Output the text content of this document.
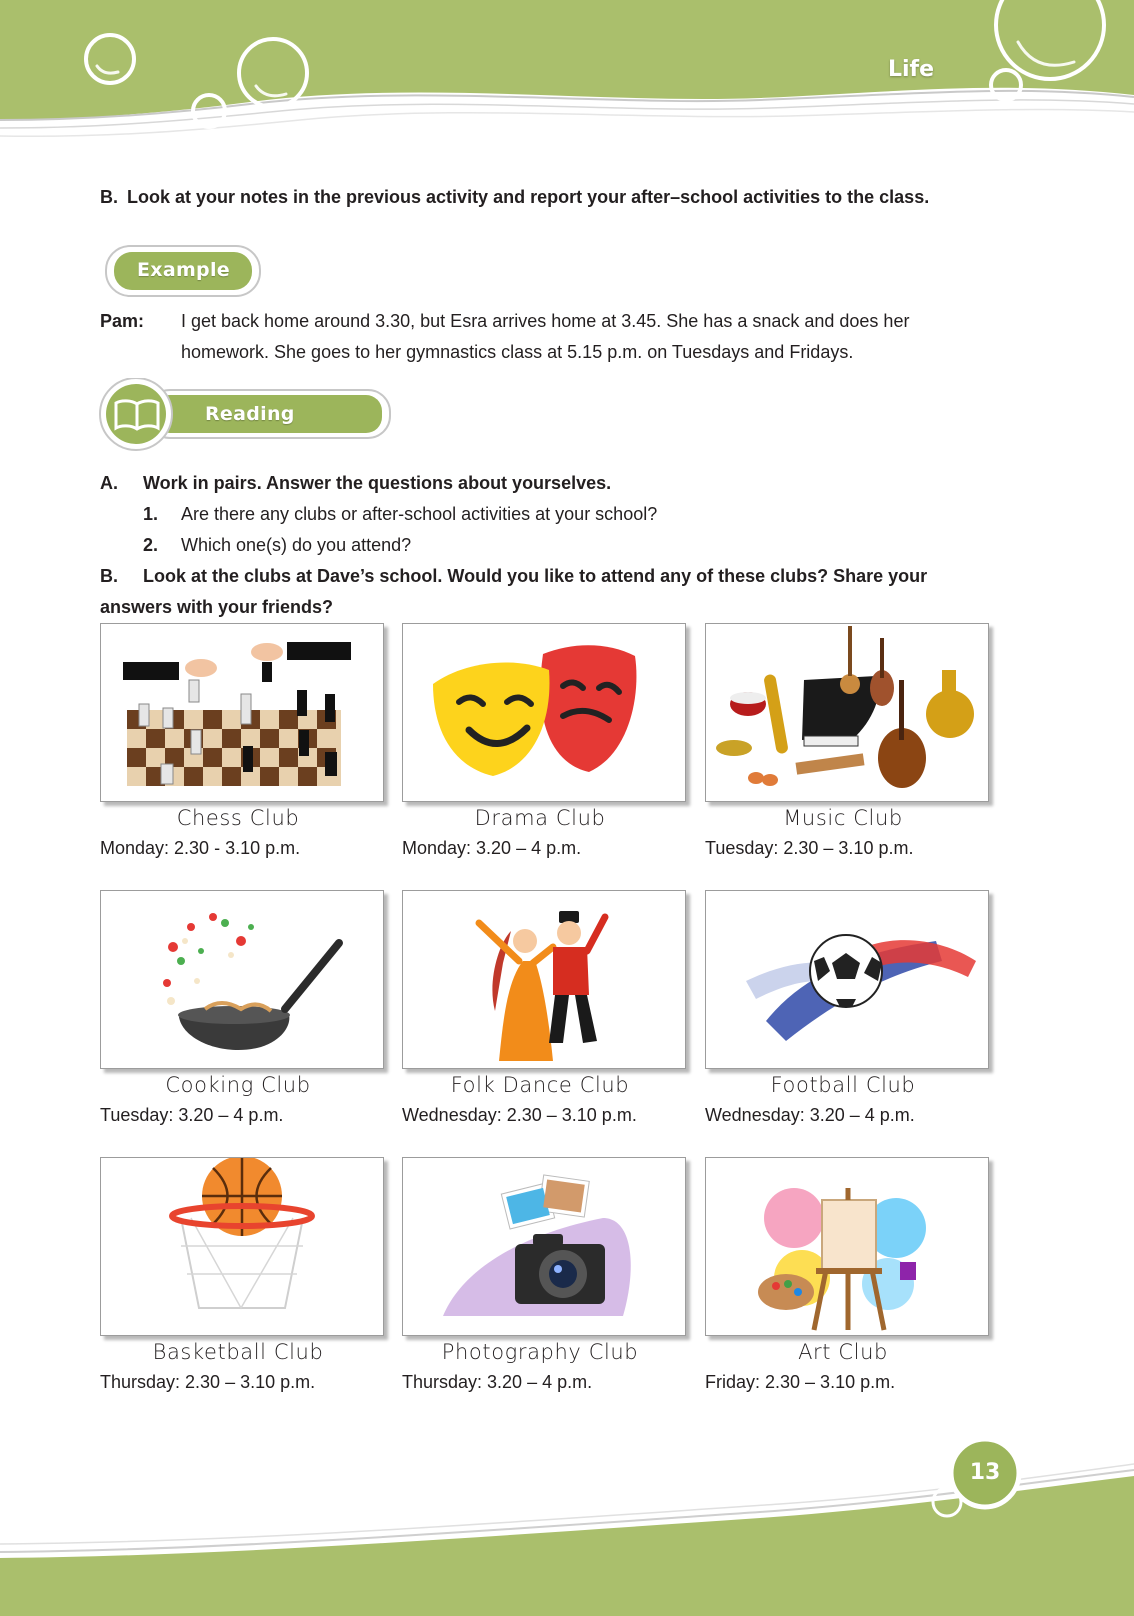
Life
B. Look at your notes in the previous activity and report your after–school activities to the class.
Example
Pam: I get back home around 3.30, but Esra arrives home at 3.45. She has a snack and does her
homework. She goes to her gymnastics class at 5.15 p.m. on Tuesdays and Fridays.
Reading
A. Work in pairs. Answer the questions about yourselves.
1. Are there any clubs or after-school activities at your school?
2. Which one(s) do you attend?
B. Look at the clubs at Dave’s school. Would you like to attend any of these clubs? Share your
answers with your friends?
Chess Club
Monday: 2.30 - 3.10 p.m.
Drama Club
Monday: 3.20 – 4 p.m.
Music Club
Tuesday: 2.30 – 3.10 p.m.
Cooking Club
Tuesday: 3.20 – 4 p.m.
Folk Dance Club
Wednesday: 2.30 – 3.10 p.m.
Football Club
Wednesday: 3.20 – 4 p.m.
Basketball Club
Thursday: 2.30 – 3.10 p.m.
Photography Club
Thursday: 3.20 – 4 p.m.
Art Club
Friday: 2.30 – 3.10 p.m.
13
